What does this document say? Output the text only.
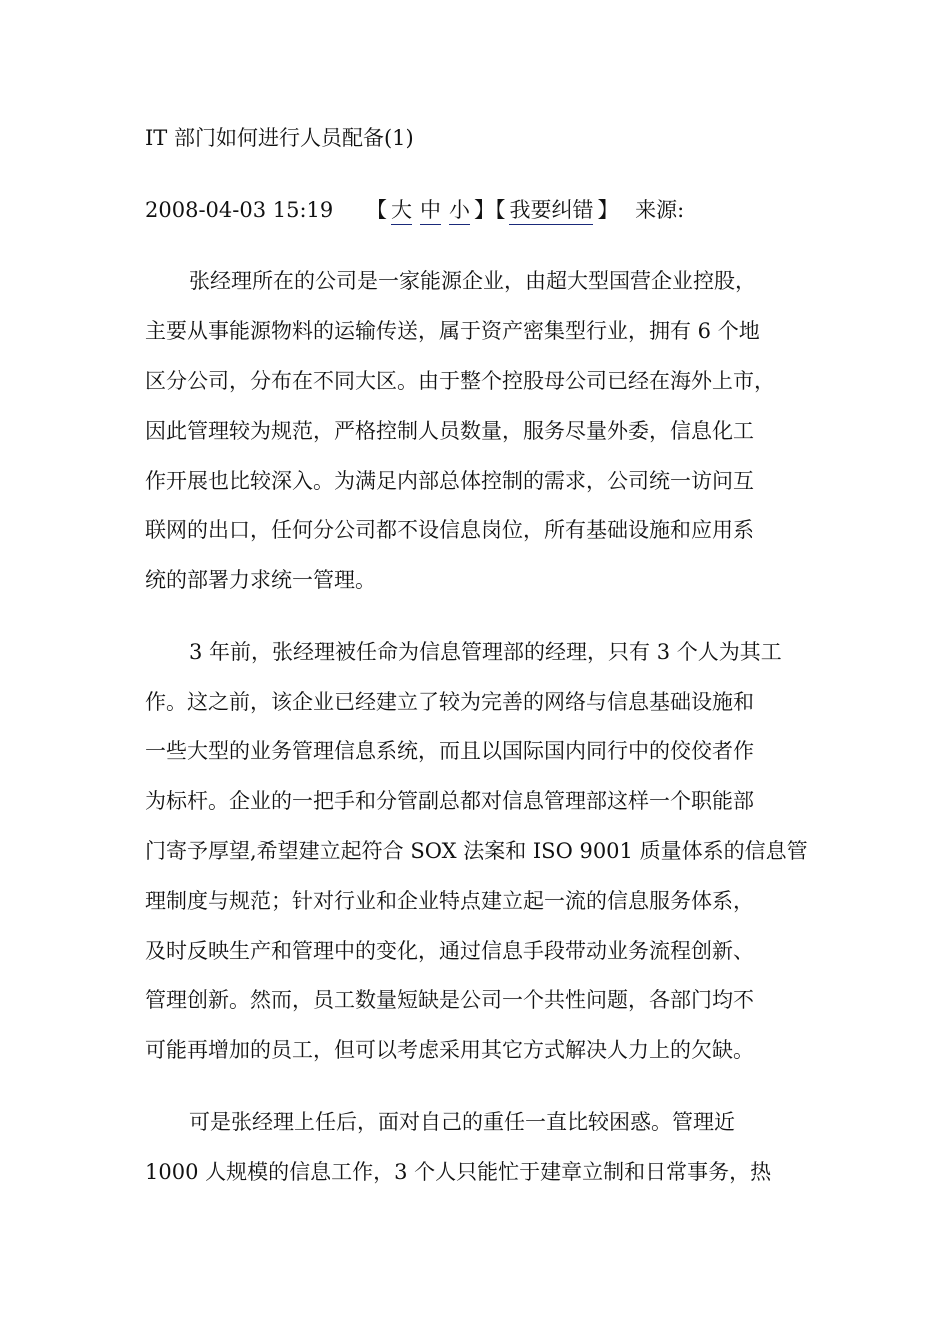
IT 部门如何进行人员配备(1)
2008-04-03 15:19 【 大 中 小 】【 我要纠错 】 来源:
张经理所在的公司是一家能源企业，由超大型国营企业控股，
主要从事能源物料的运输传送，属于资产密集型行业，拥有 6 个地
区分公司，分布在不同大区。由于整个控股母公司已经在海外上市，
因此管理较为规范，严格控制人员数量，服务尽量外委，信息化工
作开展也比较深入。为满足内部总体控制的需求，公司统一访问互
联网的出口，任何分公司都不设信息岗位，所有基础设施和应用系
统的部署力求统一管理。
3 年前，张经理被任命为信息管理部的经理，只有 3 个人为其工
作。这之前，该企业已经建立了较为完善的网络与信息基础设施和
一些大型的业务管理信息系统，而且以国际国内同行中的佼佼者作
为标杆。企业的一把手和分管副总都对信息管理部这样一个职能部
门寄予厚望,希望建立起符合 SOX 法案和 ISO 9001 质量体系的信息管
理制度与规范；针对行业和企业特点建立起一流的信息服务体系，
及时反映生产和管理中的变化，通过信息手段带动业务流程创新、
管理创新。然而，员工数量短缺是公司一个共性问题，各部门均不
可能再增加的员工，但可以考虑采用其它方式解决人力上的欠缺。
可是张经理上任后，面对自己的重任一直比较困惑。管理近
1000 人规模的信息工作，3 个人只能忙于建章立制和日常事务，热
